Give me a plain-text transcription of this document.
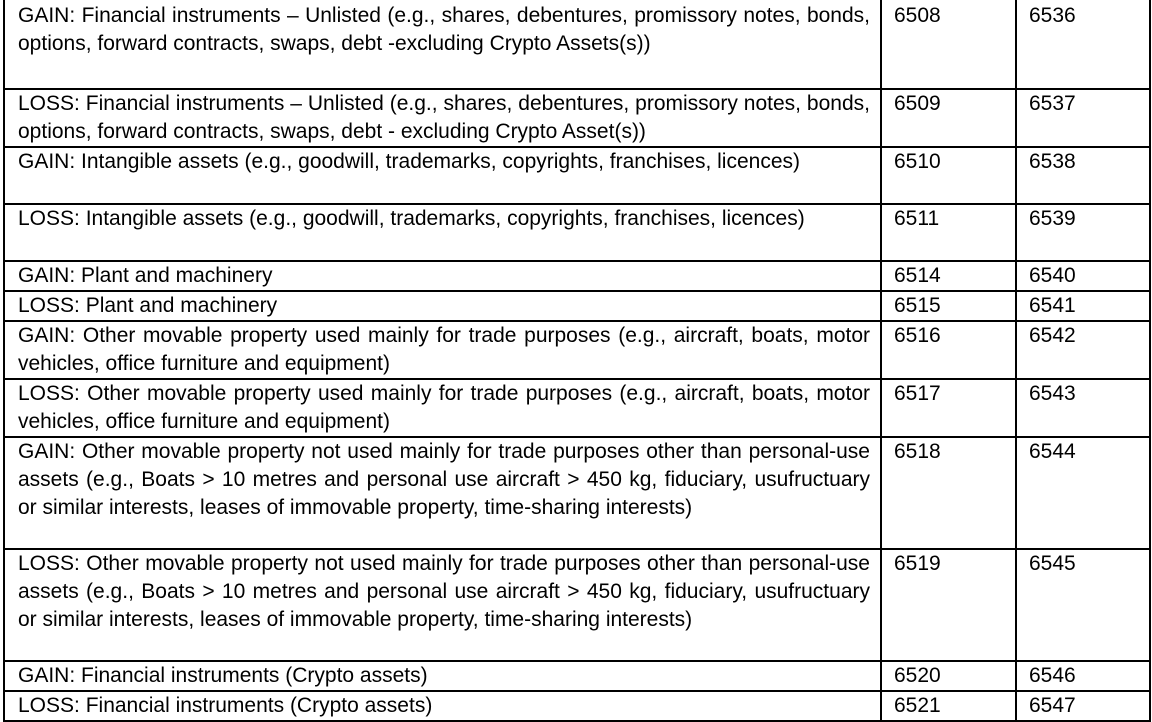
GAIN: Financial instruments – Unlisted (e.g., shares, debentures, promissory notes, bonds, options, forward contracts, swaps, debt -excluding Crypto Assets(s))	6508	6536
LOSS: Financial instruments – Unlisted (e.g., shares, debentures, promissory notes, bonds, options, forward contracts, swaps, debt - excluding Crypto Asset(s))	6509	6537
GAIN: Intangible assets (e.g., goodwill, trademarks, copyrights, franchises, licences)	6510	6538
LOSS: Intangible assets (e.g., goodwill, trademarks, copyrights, franchises, licences)	6511	6539
GAIN: Plant and machinery	6514	6540
LOSS: Plant and machinery	6515	6541
GAIN: Other movable property used mainly for trade purposes (e.g., aircraft, boats, motor vehicles, office furniture and equipment)	6516	6542
LOSS: Other movable property used mainly for trade purposes (e.g., aircraft, boats, motor vehicles, office furniture and equipment)	6517	6543
GAIN: Other movable property not used mainly for trade purposes other than personal-use assets (e.g., Boats > 10 metres and personal use aircraft > 450 kg, fiduciary, usufructuary or similar interests, leases of immovable property, time-sharing interests)	6518	6544
LOSS: Other movable property not used mainly for trade purposes other than personal-use assets (e.g., Boats > 10 metres and personal use aircraft > 450 kg, fiduciary, usufructuary or similar interests, leases of immovable property, time-sharing interests)	6519	6545
GAIN: Financial instruments (Crypto assets)	6520	6546
LOSS: Financial instruments (Crypto assets)	6521	6547
